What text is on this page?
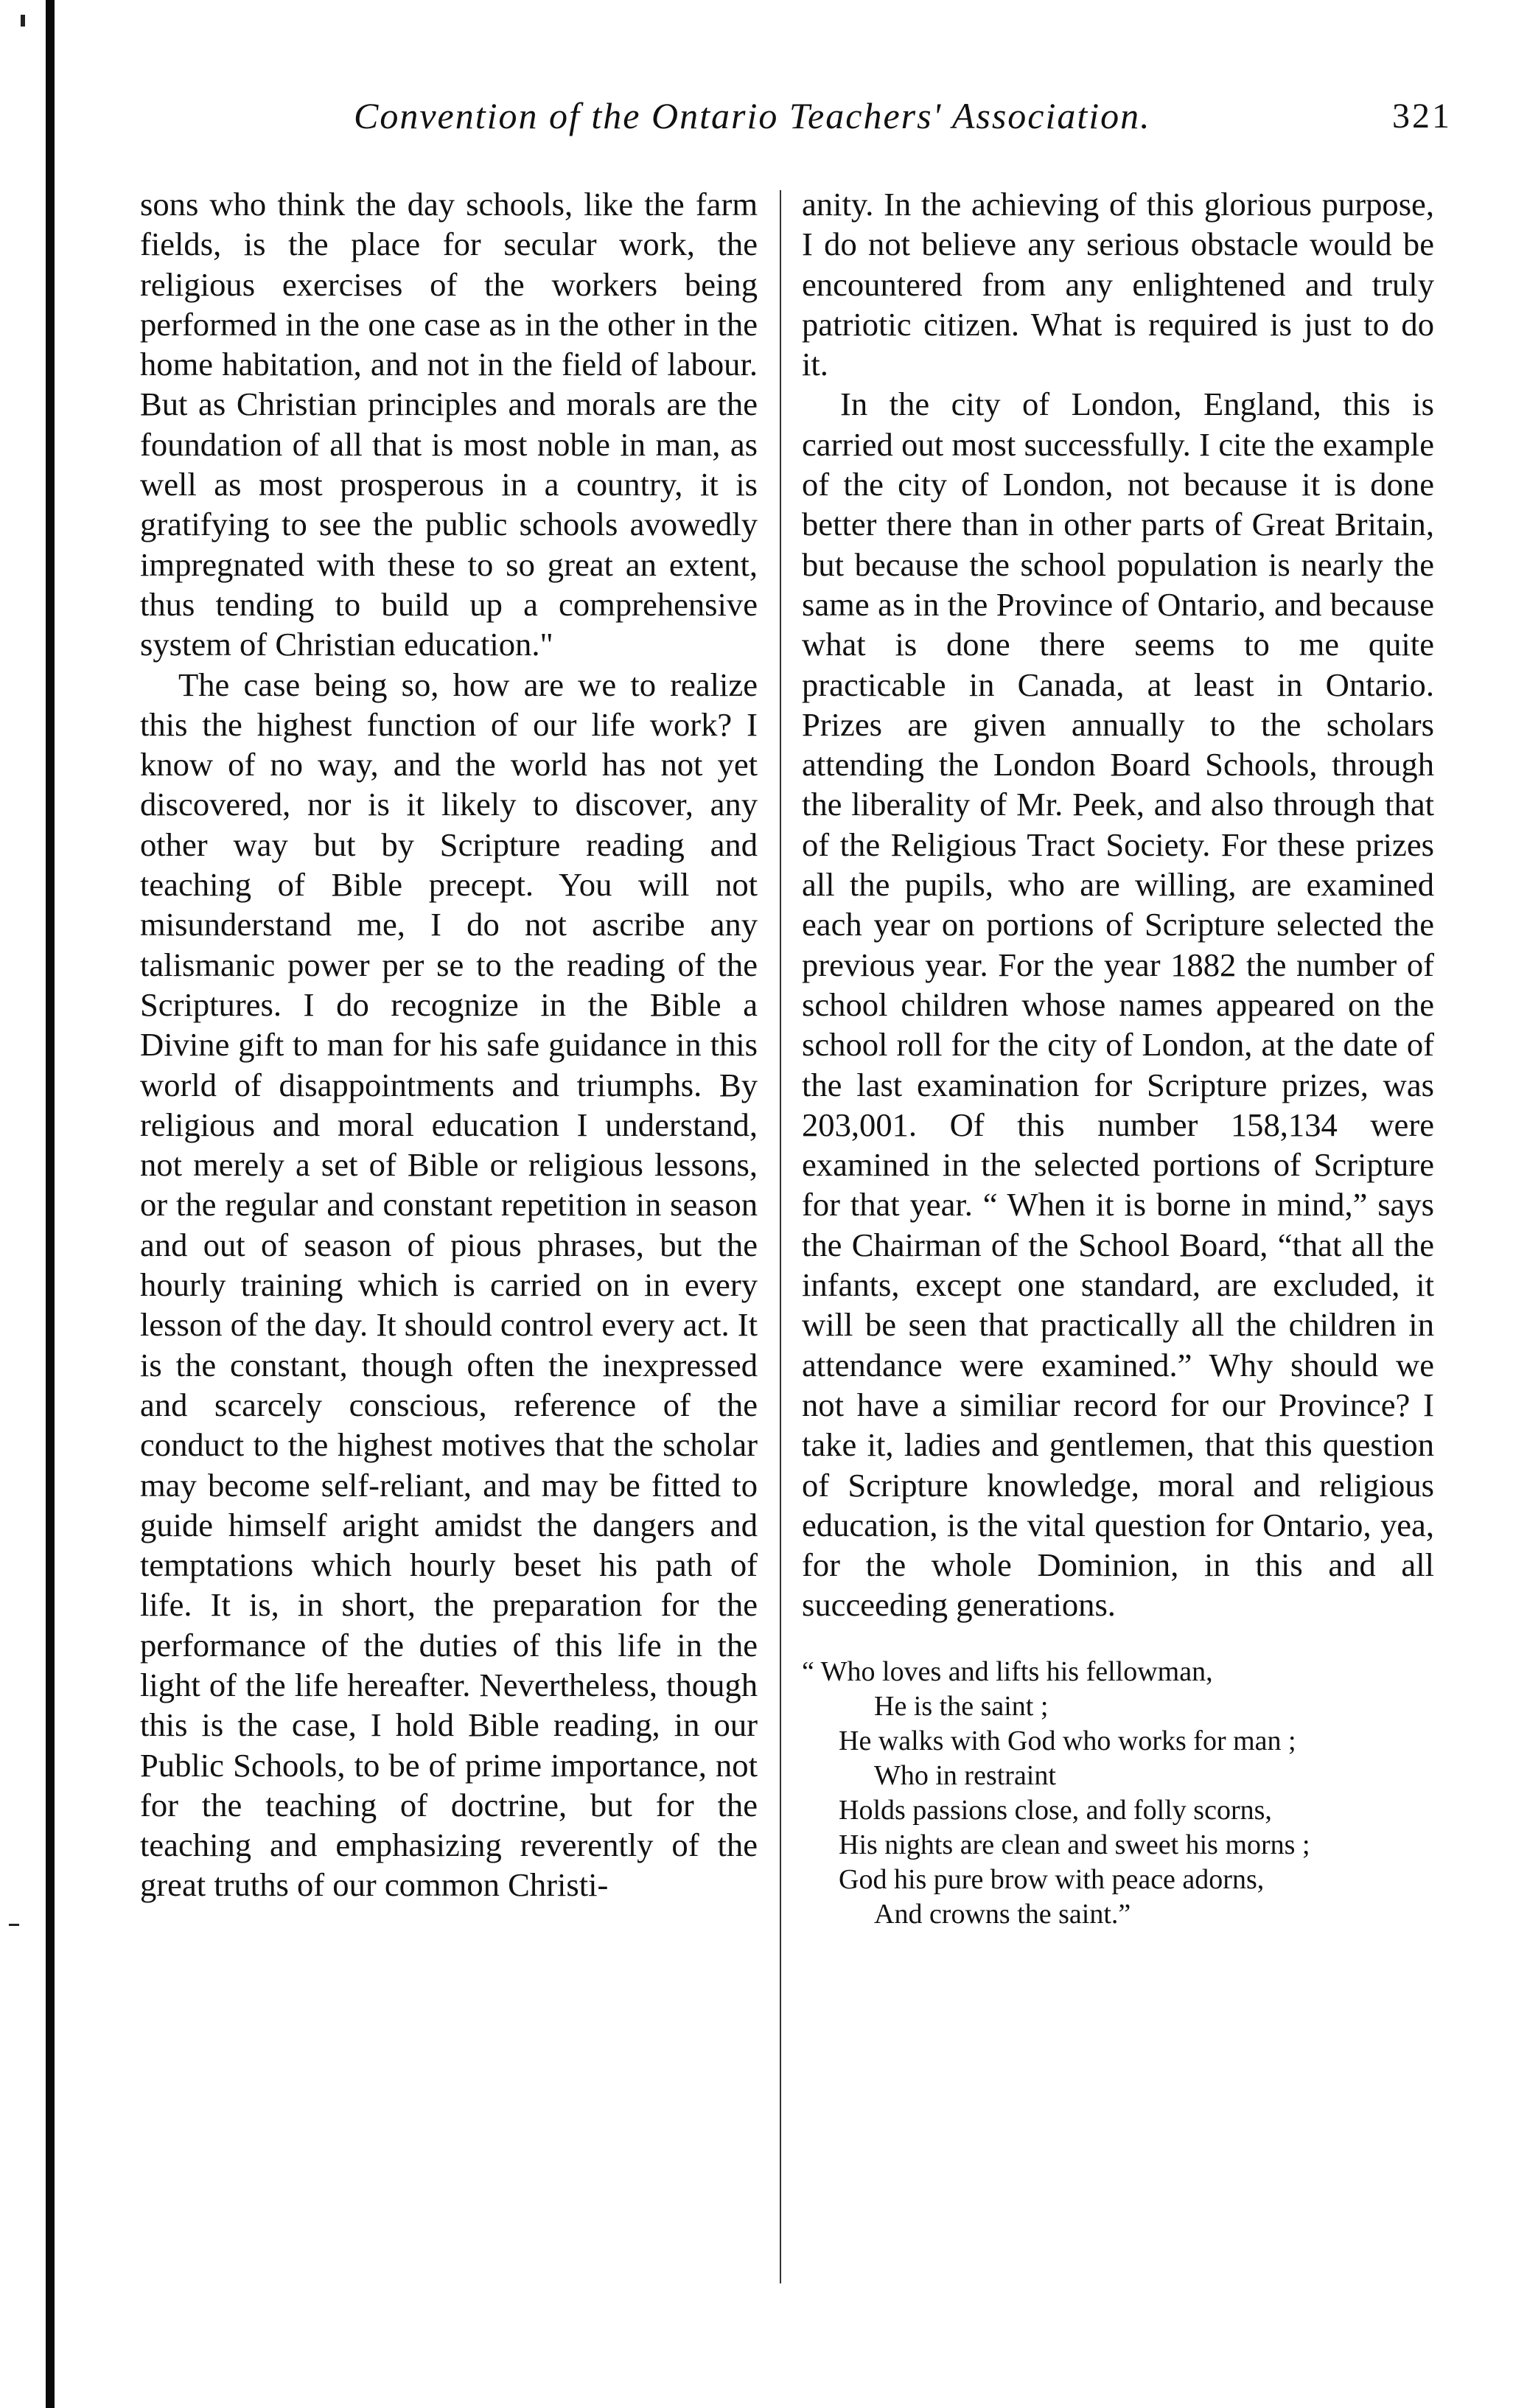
Convention of the Ontario Teachers' Association.	321

sons who think the day schools, like the farm fields, is the place for secular work, the religious exercises of the workers being performed in the one case as in the other in the home habitation, and not in the field of labour. But as Christian principles and morals are the foundation of all that is most noble in man, as well as most prosperous in a country, it is gratifying to see the public schools avowedly impregnated with these to so great an extent, thus tending to build up a comprehensive system of Christian education."

The case being so, how are we to realize this the highest function of our life work? I know of no way, and the world has not yet discovered, nor is it likely to discover, any other way but by Scripture reading and teaching of Bible precept. You will not misunderstand me, I do not ascribe any talismanic power per se to the reading of the Scriptures. I do recognize in the Bible a Divine gift to man for his safe guidance in this world of disappointments and triumphs. By religious and moral education I understand, not merely a set of Bible or religious lessons, or the regular and constant repetition in season and out of season of pious phrases, but the hourly training which is carried on in every lesson of the day. It should control every act. It is the constant, though often the inexpressed and scarcely conscious, reference of the conduct to the highest motives that the scholar may become self-reliant, and may be fitted to guide himself aright amidst the dangers and temptations which hourly beset his path of life. It is, in short, the preparation for the performance of the duties of this life in the light of the life hereafter. Nevertheless, though this is the case, I hold Bible reading, in our Public Schools, to be of prime importance, not for the teaching of doctrine, but for the teaching and emphasizing reverently of the great truths of our common Christi-

anity. In the achieving of this glorious purpose, I do not believe any serious obstacle would be encountered from any enlightened and truly patriotic citizen. What is required is just to do it.

In the city of London, England, this is carried out most successfully. I cite the example of the city of London, not because it is done better there than in other parts of Great Britain, but because the school population is nearly the same as in the Province of Ontario, and because what is done there seems to me quite practicable in Canada, at least in Ontario. Prizes are given annually to the scholars attending the London Board Schools, through the liberality of Mr. Peek, and also through that of the Religious Tract Society. For these prizes all the pupils, who are willing, are examined each year on portions of Scripture selected the previous year. For the year 1882 the number of school children whose names appeared on the school roll for the city of London, at the date of the last examination for Scripture prizes, was 203,001. Of this number 158,134 were examined in the selected portions of Scripture for that year. “ When it is borne in mind,” says the Chairman of the School Board, “that all the infants, except one standard, are excluded, it will be seen that practically all the children in attendance were examined.” Why should we not have a similiar record for our Province? I take it, ladies and gentlemen, that this question of Scripture knowledge, moral and religious education, is the vital question for Ontario, yea, for the whole Dominion, in this and all succeeding generations.

“ Who loves and lifts his fellowman,
He is the saint ;
He walks with God who works for man ;
Who in restraint
Holds passions close, and folly scorns,
His nights are clean and sweet his morns ;
God his pure brow with peace adorns,
And crowns the saint.”
